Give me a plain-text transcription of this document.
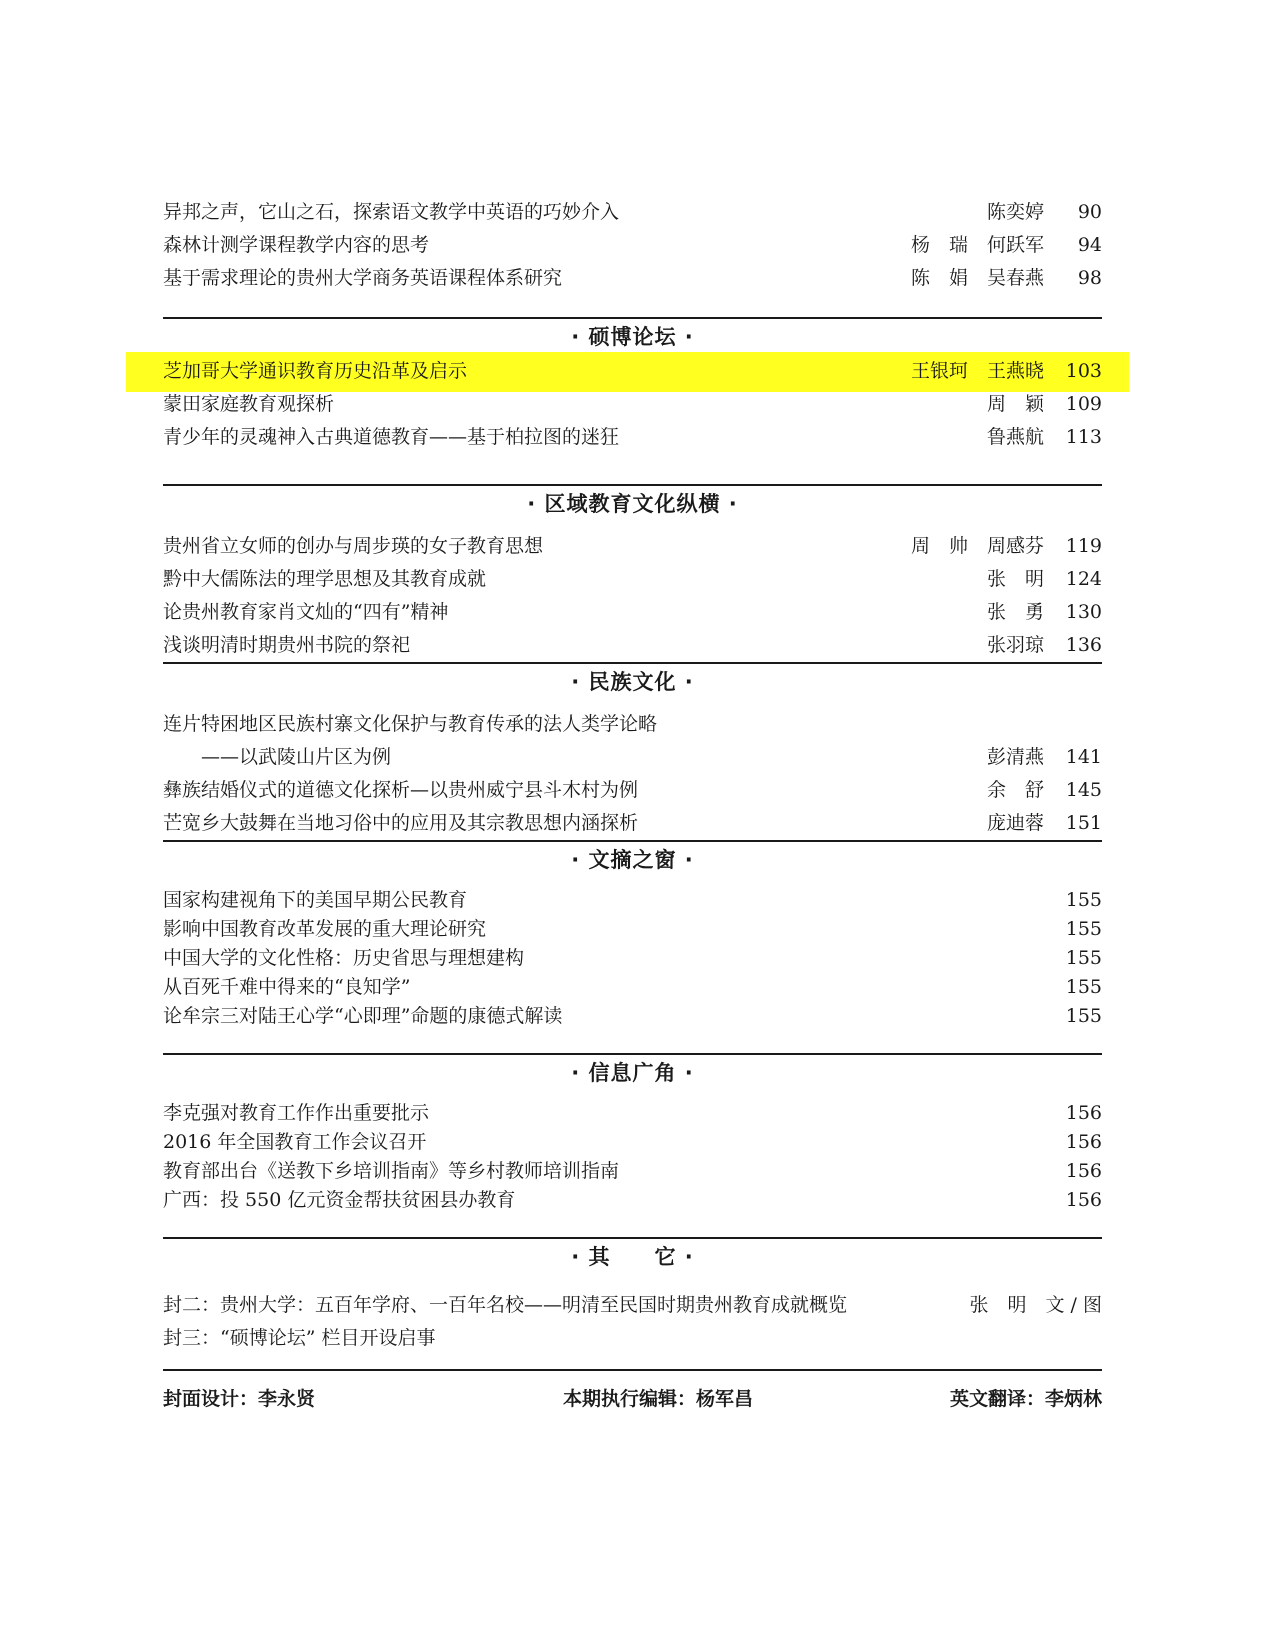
异邦之声，它山之石，探索语文教学中英语的巧妙介入	陈奕婷	90
森林计测学课程教学内容的思考	杨　瑞　何跃军	94
基于需求理论的贵州大学商务英语课程体系研究	陈　娟　吴春燕	98
· 硕博论坛 ·
芝加哥大学通识教育历史沿革及启示	王银珂　王燕晓	103
蒙田家庭教育观探析	周　颖	109
青少年的灵魂神入古典道德教育——基于柏拉图的迷狂	鲁燕航	113
· 区域教育文化纵横 ·
贵州省立女师的创办与周步瑛的女子教育思想	周　帅　周感芬	119
黔中大儒陈法的理学思想及其教育成就	张　明	124
论贵州教育家肖文灿的“四有”精神	张　勇	130
浅谈明清时期贵州书院的祭祀	张羽琼	136
· 民族文化 ·
连片特困地区民族村寨文化保护与教育传承的法人类学论略
　　——以武陵山片区为例	彭清燕	141
彝族结婚仪式的道德文化探析—以贵州威宁县斗木村为例	余　舒	145
芒宽乡大鼓舞在当地习俗中的应用及其宗教思想内涵探析	庞迪蓉	151
· 文摘之窗 ·
国家构建视角下的美国早期公民教育	155
影响中国教育改革发展的重大理论研究	155
中国大学的文化性格：历史省思与理想建构	155
从百死千难中得来的“良知学”	155
论牟宗三对陆王心学“心即理”命题的康德式解读	155
· 信息广角 ·
李克强对教育工作作出重要批示	156
2016 年全国教育工作会议召开	156
教育部出台《送教下乡培训指南》等乡村教师培训指南	156
广西：投 550 亿元资金帮扶贫困县办教育	156
· 其　　它 ·
封二：贵州大学：五百年学府、一百年名校——明清至民国时期贵州教育成就概览	张　明　文 / 图
封三：“硕博论坛” 栏目开设启事
封面设计：李永贤	本期执行编辑：杨军昌	英文翻译：李炳林
